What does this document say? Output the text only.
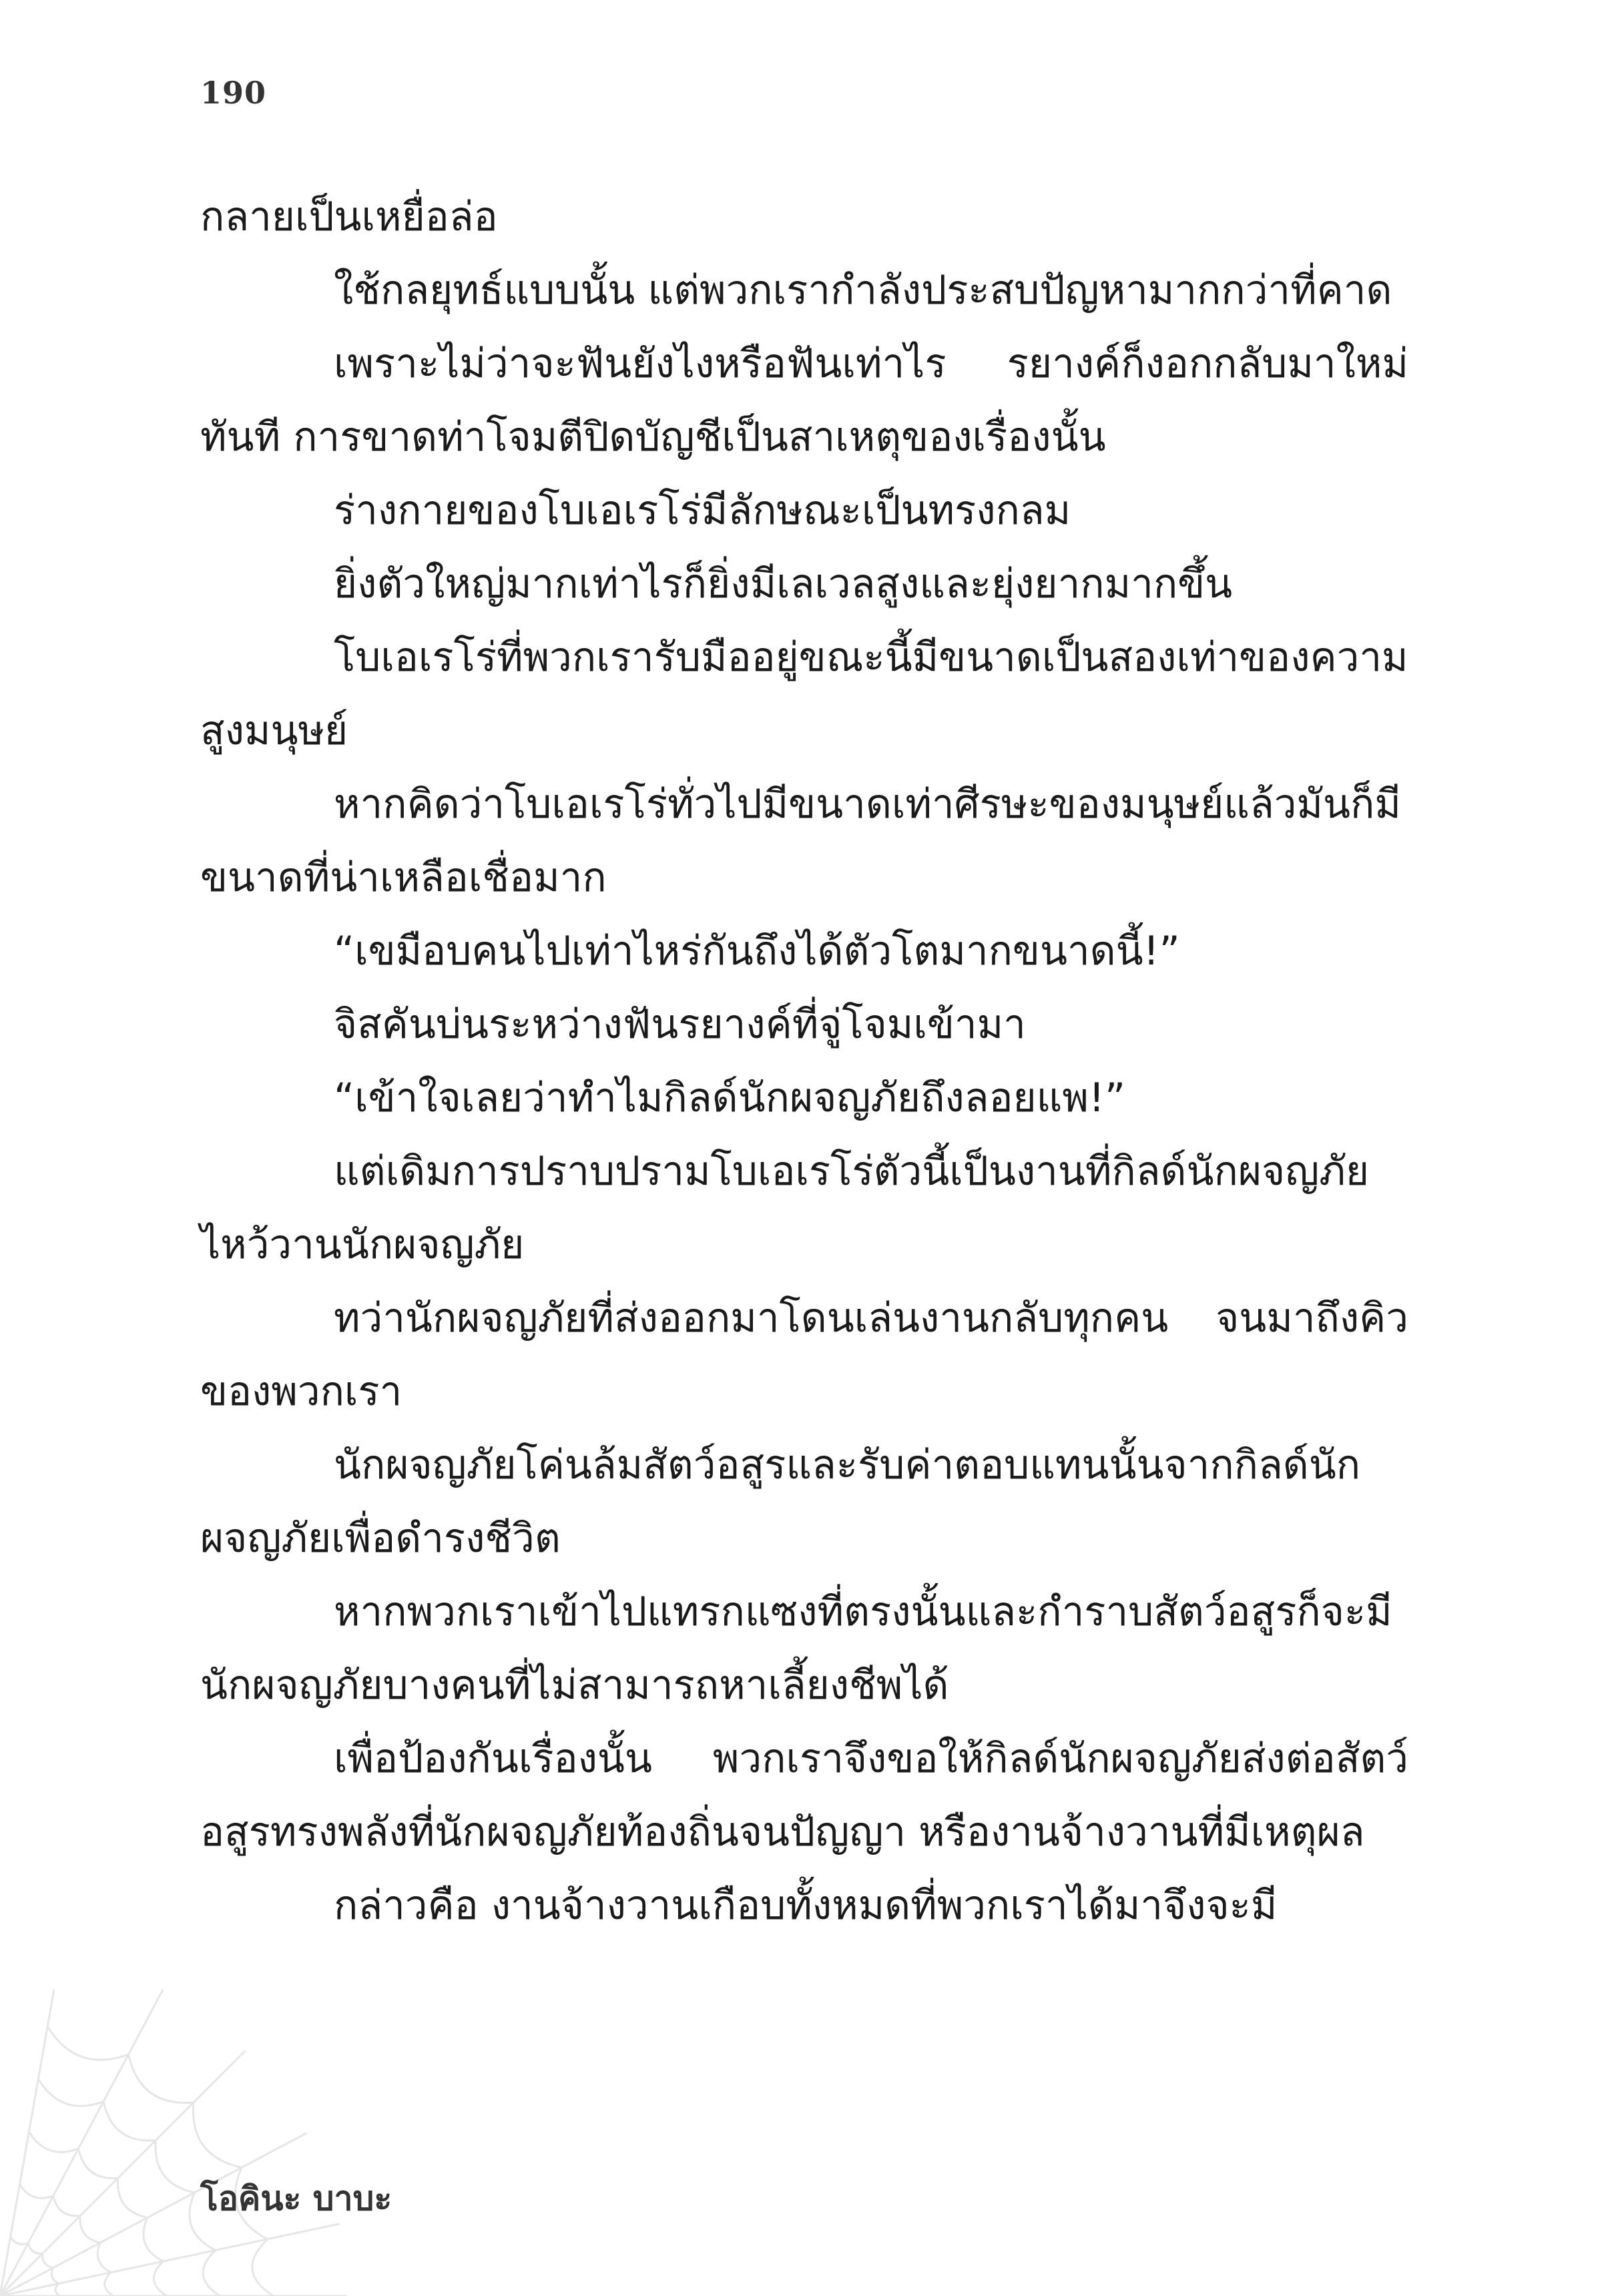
190

กลายเป็นเหยื่อล่อ

ใช้กลยุทธ์แบบนั้น แต่พวกเรากำลังประสบปัญหามากกว่าที่คาด

เพราะไม่ว่าจะฟันยังไงหรือฟันเท่าไร รยางค์ก็งอกกลับมาใหม่ทันที การขาดท่าโจมตีปิดบัญชีเป็นสาเหตุของเรื่องนั้น

ร่างกายของโบเอเรโร่มีลักษณะเป็นทรงกลม

ยิ่งตัวใหญ่มากเท่าไรก็ยิ่งมีเลเวลสูงและยุ่งยากมากขึ้น

โบเอเรโร่ที่พวกเรารับมืออยู่ขณะนี้มีขนาดเป็นสองเท่าของความสูงมนุษย์

หากคิดว่าโบเอเรโร่ทั่วไปมีขนาดเท่าศีรษะของมนุษย์แล้วมันก็มีขนาดที่น่าเหลือเชื่อมาก

“เขมือบคนไปเท่าไหร่กันถึงได้ตัวโตมากขนาดนี้!”

จิสคันบ่นระหว่างฟันรยางค์ที่จู่โจมเข้ามา

“เข้าใจเลยว่าทำไมกิลด์นักผจญภัยถึงลอยแพ!”

แต่เดิมการปราบปรามโบเอเรโร่ตัวนี้เป็นงานที่กิลด์นักผจญภัยไหว้วานนักผจญภัย

ทว่านักผจญภัยที่ส่งออกมาโดนเล่นงานกลับทุกคน จนมาถึงคิวของพวกเรา

นักผจญภัยโค่นล้มสัตว์อสูรและรับค่าตอบแทนนั้นจากกิลด์นักผจญภัยเพื่อดำรงชีวิต

หากพวกเราเข้าไปแทรกแซงที่ตรงนั้นและกำราบสัตว์อสูรก็จะมีนักผจญภัยบางคนที่ไม่สามารถหาเลี้ยงชีพได้

เพื่อป้องกันเรื่องนั้น พวกเราจึงขอให้กิลด์นักผจญภัยส่งต่อสัตว์อสูรทรงพลังที่นักผจญภัยท้องถิ่นจนปัญญา หรืองานจ้างวานที่มีเหตุผล

กล่าวคือ งานจ้างวานเกือบทั้งหมดที่พวกเราได้มาจึงจะมี

โอคินะ บาบะ
